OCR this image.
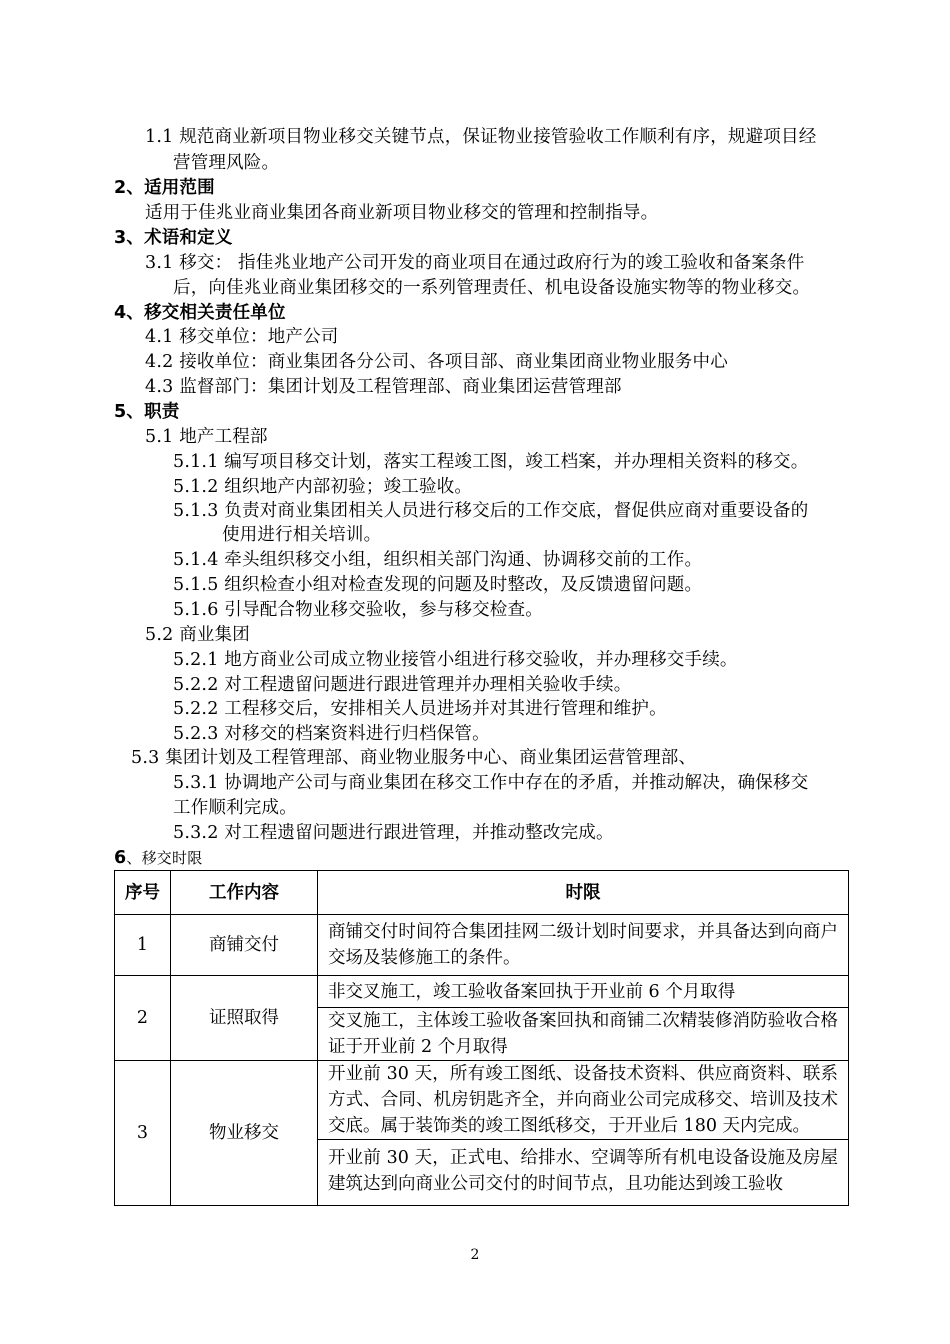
1.1 规范商业新项目物业移交关键节点，保证物业接管验收工作顺利有序，规避项目经
营管理风险。
2、适用范围
适用于佳兆业商业集团各商业新项目物业移交的管理和控制指导。
3、术语和定义
3.1 移交： 指佳兆业地产公司开发的商业项目在通过政府行为的竣工验收和备案条件
后，向佳兆业商业集团移交的一系列管理责任、机电设备设施实物等的物业移交。
4、移交相关责任单位
4.1 移交单位：地产公司
4.2 接收单位：商业集团各分公司、各项目部、商业集团商业物业服务中心
4.3 监督部门：集团计划及工程管理部、商业集团运营管理部
5、职责
5.1 地产工程部
5.1.1 编写项目移交计划，落实工程竣工图，竣工档案，并办理相关资料的移交。
5.1.2 组织地产内部初验；竣工验收。
5.1.3 负责对商业集团相关人员进行移交后的工作交底，督促供应商对重要设备的
使用进行相关培训。
5.1.4 牵头组织移交小组，组织相关部门沟通、协调移交前的工作。
5.1.5 组织检查小组对检查发现的问题及时整改，及反馈遗留问题。
5.1.6 引导配合物业移交验收，参与移交检查。
5.2 商业集团
5.2.1 地方商业公司成立物业接管小组进行移交验收，并办理移交手续。
5.2.2 对工程遗留问题进行跟进管理并办理相关验收手续。
5.2.2 工程移交后，安排相关人员进场并对其进行管理和维护。
5.2.3 对移交的档案资料进行归档保管。
5.3 集团计划及工程管理部、商业物业服务中心、商业集团运营管理部、
5.3.1 协调地产公司与商业集团在移交工作中存在的矛盾，并推动解决，确保移交
工作顺利完成。
5.3.2 对工程遗留问题进行跟进管理，并推动整改完成。
6、移交时限
序号	工作内容	时限
1	商铺交付	商铺交付时间符合集团挂网二级计划时间要求，并具备达到向商户交场及装修施工的条件。
2	证照取得	非交叉施工，竣工验收备案回执于开业前 6 个月取得
		交叉施工，主体竣工验收备案回执和商铺二次精装修消防验收合格证于开业前 2 个月取得
3	物业移交	开业前 30 天，所有竣工图纸、设备技术资料、供应商资料、联系方式、合同、机房钥匙齐全，并向商业公司完成移交、培训及技术交底。属于装饰类的竣工图纸移交，于开业后 180 天内完成。

		开业前 30 天，正式电、给排水、空调等所有机电设备设施及房屋建筑达到向商业公司交付的时间节点，且功能达到竣工验收
2
